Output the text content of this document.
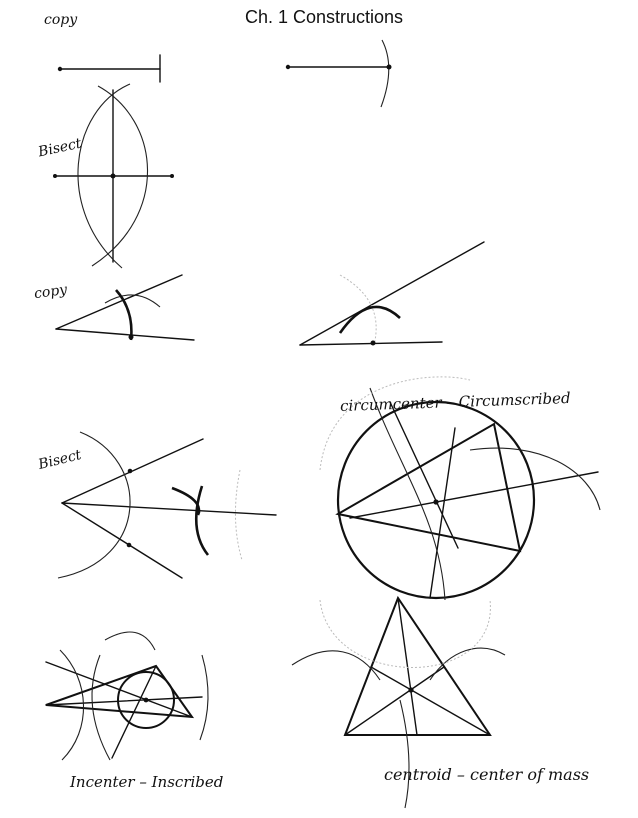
Ch. 1 Constructions
copy
Bisect
copy
Bisect
circumcenter – Circumscribed
Incenter – Inscribed	centroid – center of mass
